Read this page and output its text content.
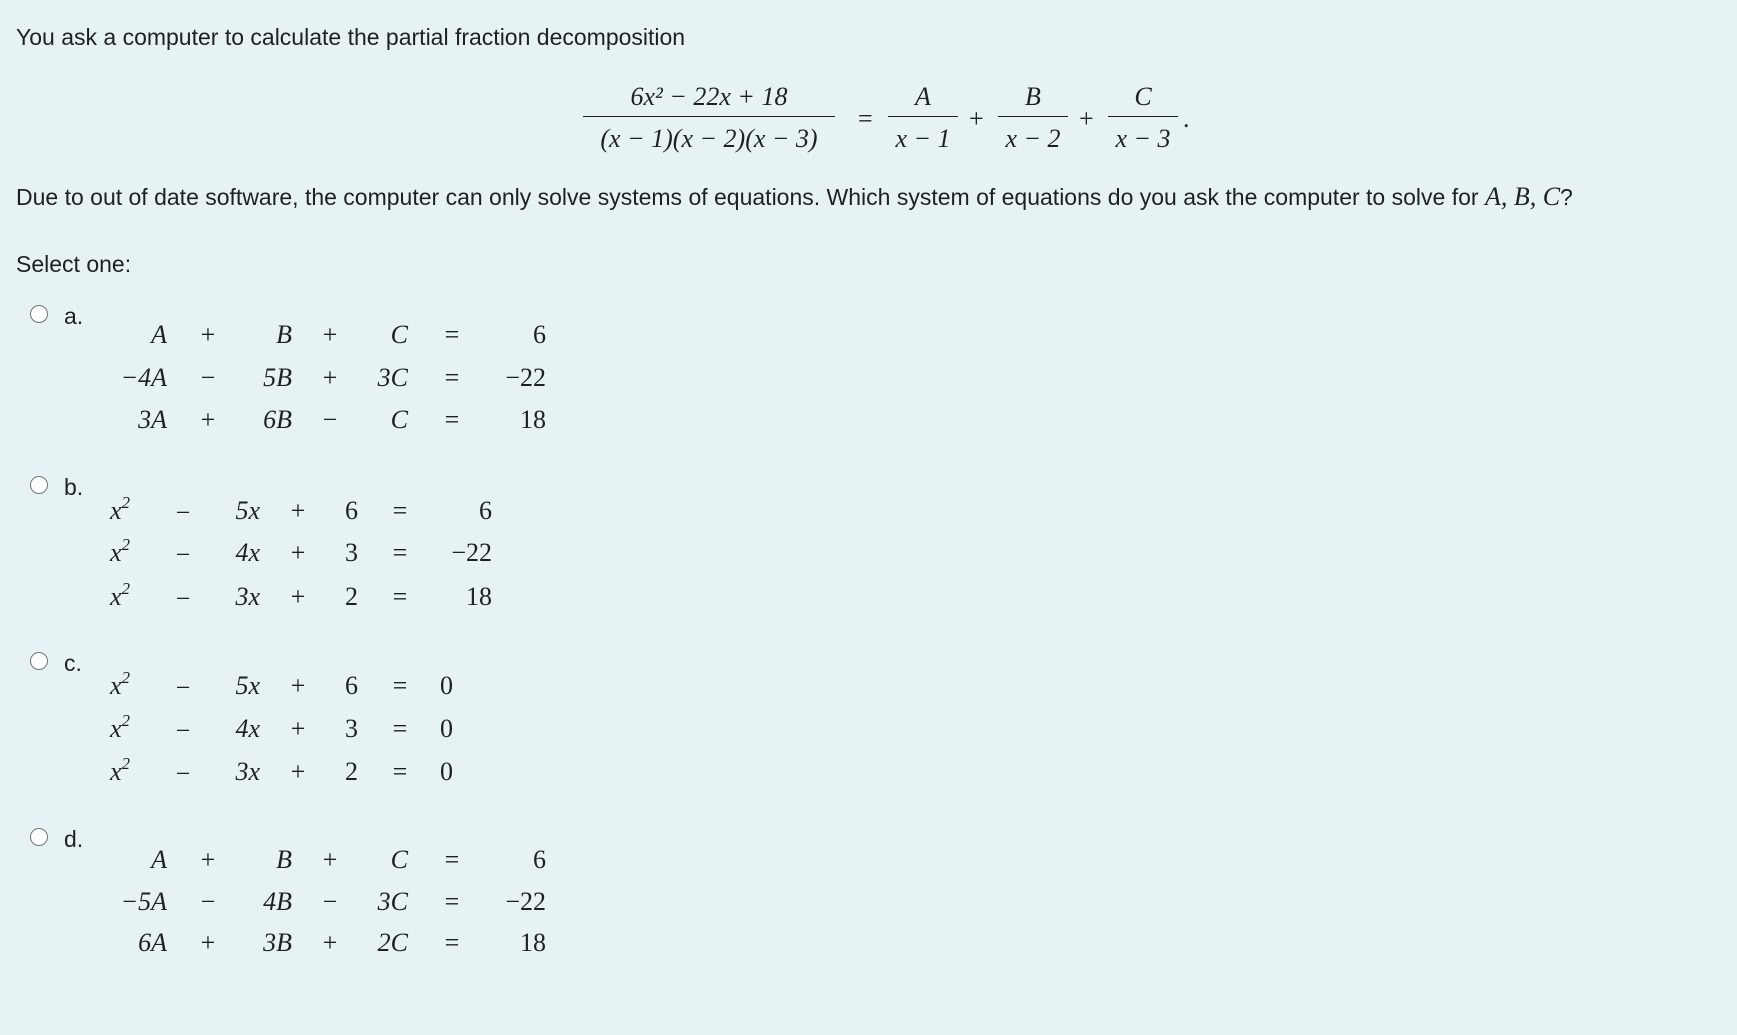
You ask a computer to calculate the partial fraction decomposition
6x² − 22x + 18
(x − 1)(x − 2)(x − 3)
=
A
x − 1
+
B
x − 2
+
C
x − 3
.
Due to out of date software, the computer can only solve systems of equations. Which system of equations do you ask the computer to solve for A, B, C?
Select one:
a.
A	+	B	+	C	=	6
−4A	−	5B	+	3C	=	−22
3A	+	6B	−	C	=	18
b.
$x^2$	−	5x	+	6	=	6
$x^2$	−	4x	+	3	=	−22
$x^2$	−	3x	+	2	=	18
c.
$x^2$	−	5x	+	6	=	0
$x^2$	−	4x	+	3	=	0
$x^2$	−	3x	+	2	=	0
d.
A	+	B	+	C	=	6
−5A	−	4B	−	3C	=	−22
6A	+	3B	+	2C	=	18
